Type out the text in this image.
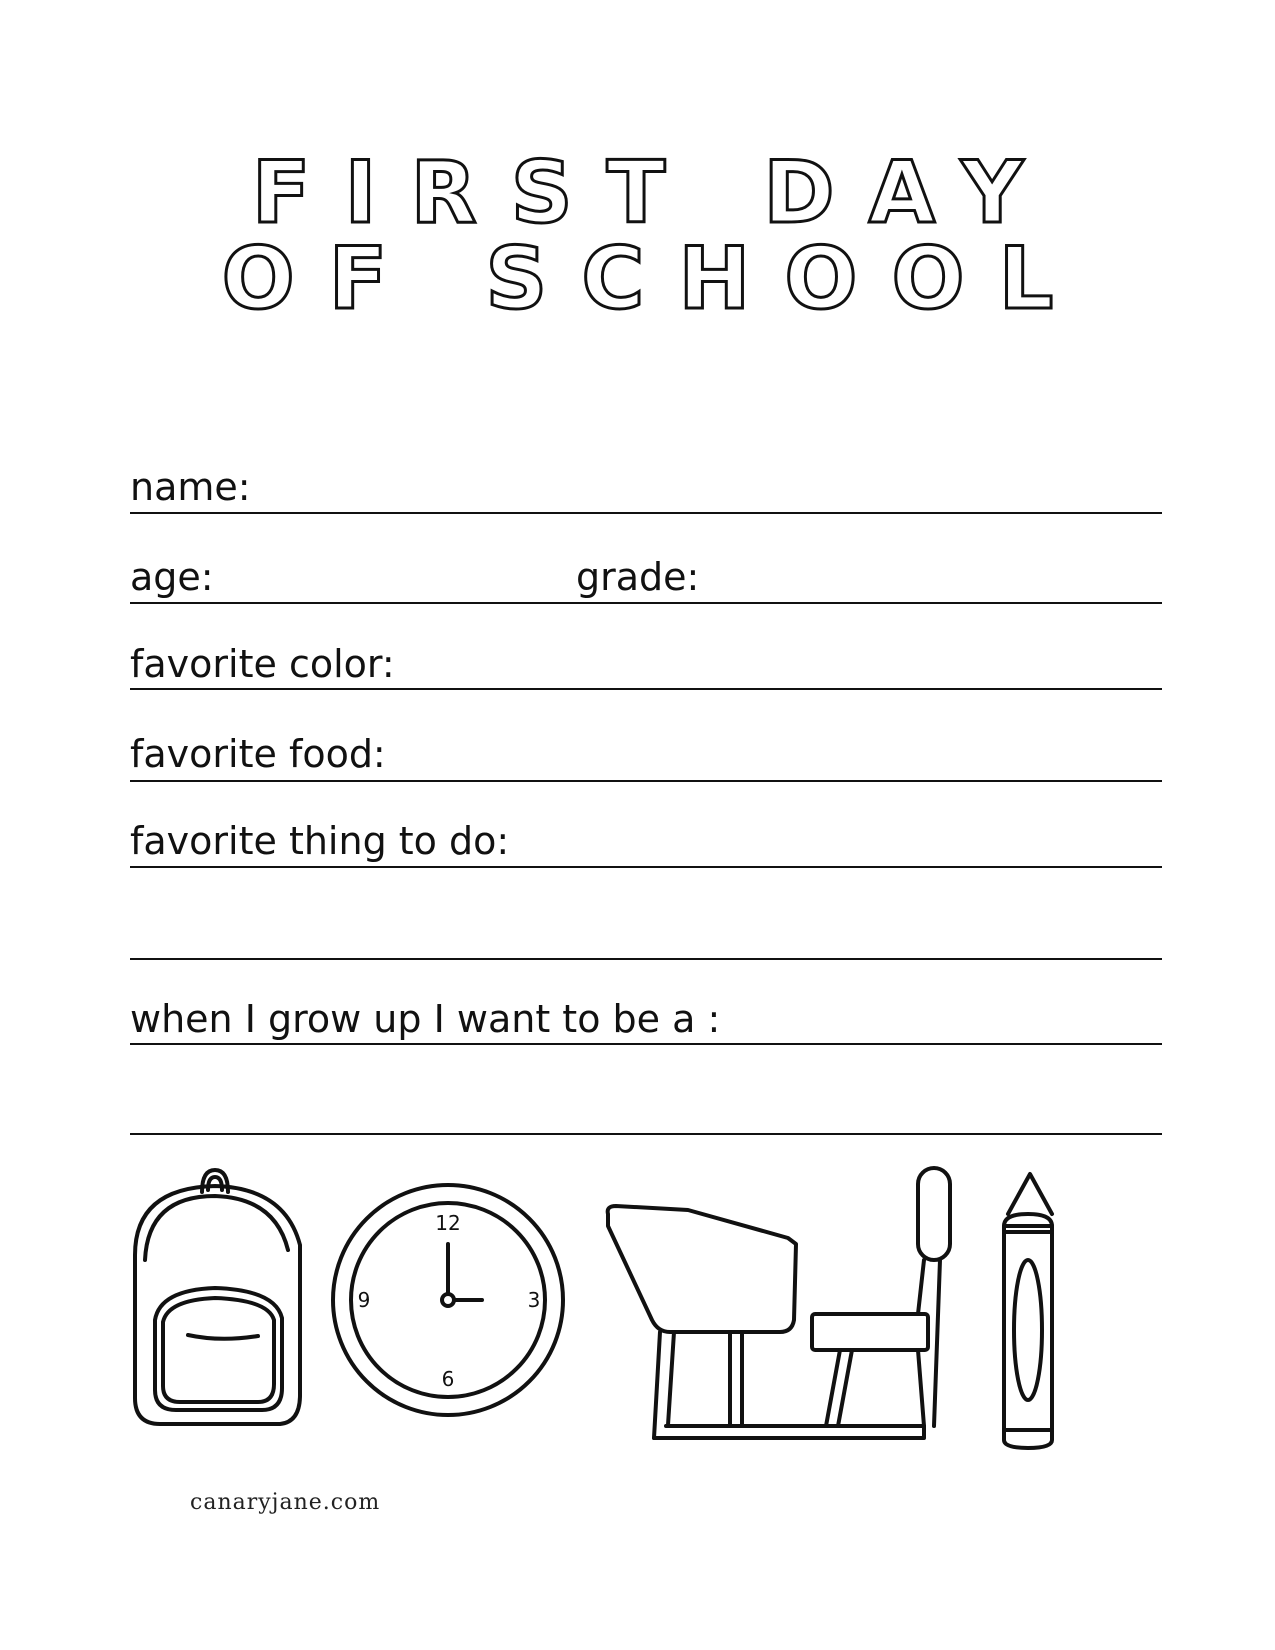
FIRST DAY
OF SCHOOL
name:
age:	grade:
favorite color:
favorite food:
favorite thing to do:
when I grow up I want to be a :
12
3
6
9
canaryjane.com
